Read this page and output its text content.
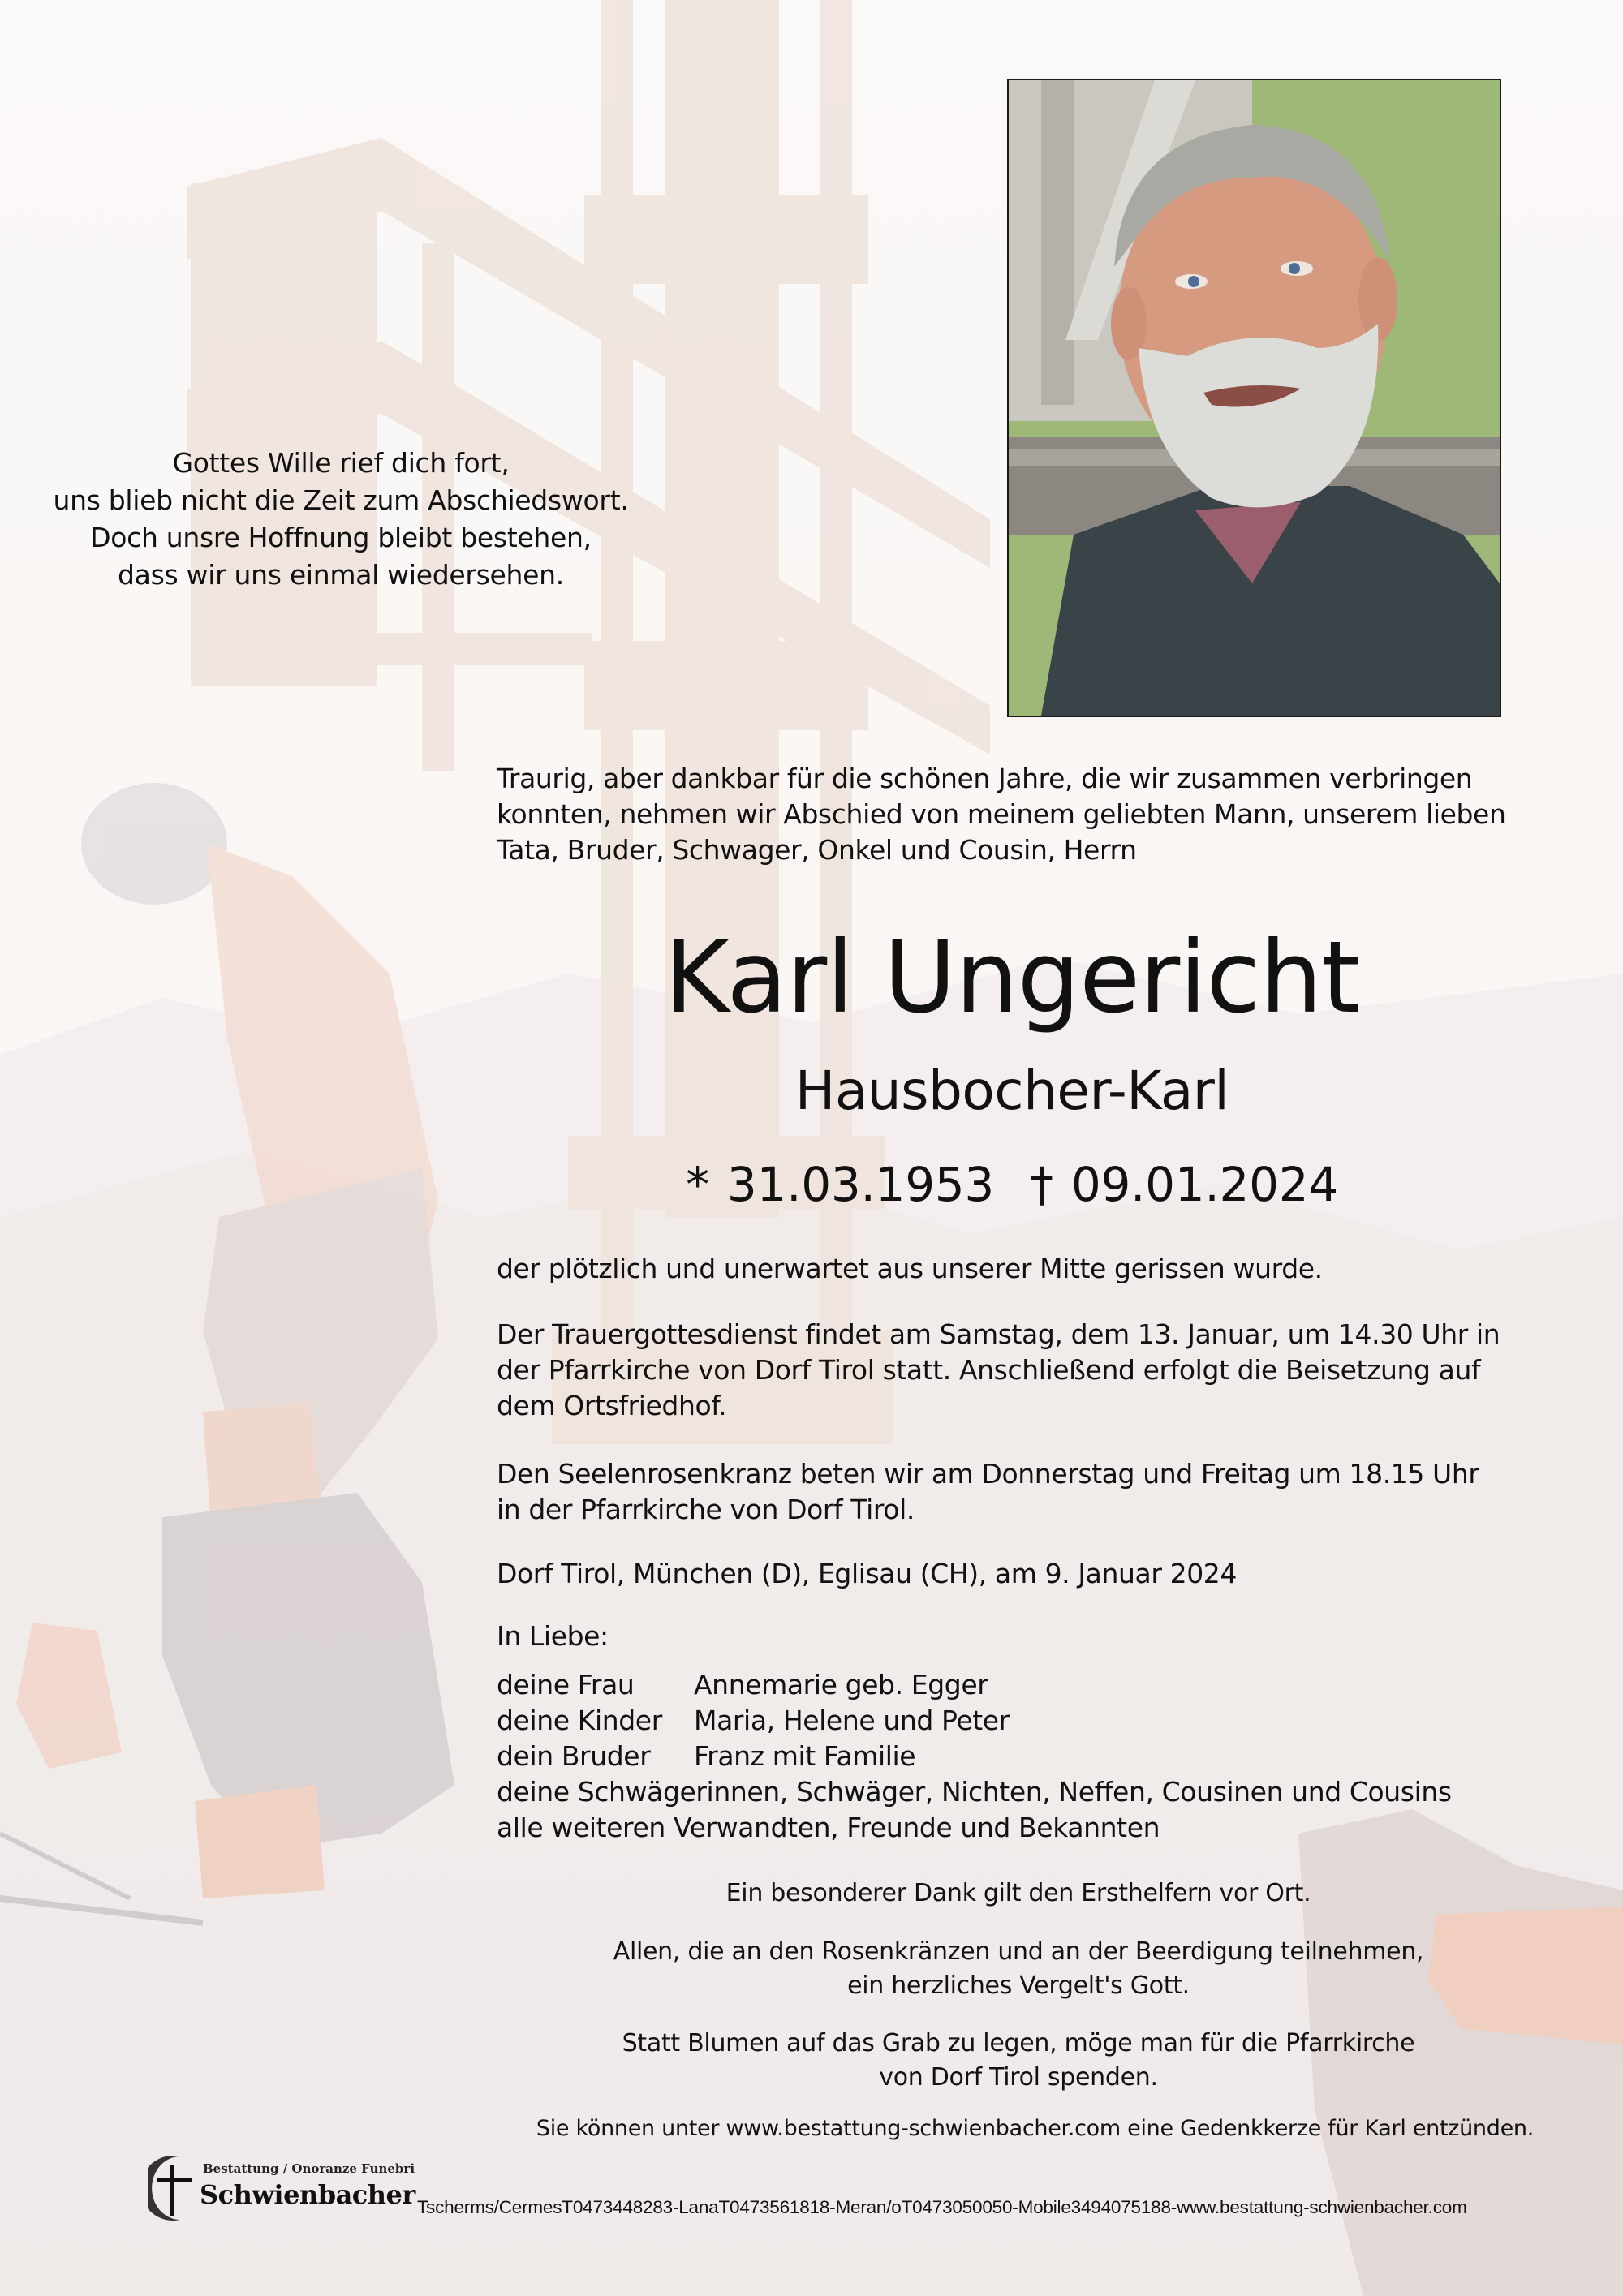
Gottes Wille rief dich fort,
uns blieb nicht die Zeit zum Abschiedswort.
Doch unsre Hoffnung bleibt bestehen,
dass wir uns einmal wiedersehen.
Traurig, aber dankbar für die schönen Jahre, die wir zusammen verbringen
konnten, nehmen wir Abschied von meinem geliebten Mann, unserem lieben
Tata, Bruder, Schwager, Onkel und Cousin, Herrn
Karl Ungericht
Hausbocher-Karl
* 31.03.1953 † 09.01.2024
der plötzlich und unerwartet aus unserer Mitte gerissen wurde.
Der Trauergottesdienst findet am Samstag, dem 13. Januar, um 14.30 Uhr in
der Pfarrkirche von Dorf Tirol statt. Anschließend erfolgt die Beisetzung auf
dem Ortsfriedhof.
Den Seelenrosenkranz beten wir am Donnerstag und Freitag um 18.15 Uhr
in der Pfarrkirche von Dorf Tirol.
Dorf Tirol, München (D), Eglisau (CH), am 9. Januar 2024
In Liebe:
deine Frau	Annemarie geb. Egger
deine Kinder	Maria, Helene und Peter
dein Bruder	Franz mit Familie
deine Schwägerinnen, Schwäger, Nichten, Neffen, Cousinen und Cousins
alle weiteren Verwandten, Freunde und Bekannten
Ein besonderer Dank gilt den Ersthelfern vor Ort.
Allen, die an den Rosenkränzen und an der Beerdigung teilnehmen,
ein herzliches Vergelt's Gott.
Statt Blumen auf das Grab zu legen, möge man für die Pfarrkirche
von Dorf Tirol spenden.
Sie können unter www.bestattung-schwienbacher.com eine Gedenkkerze für Karl entzünden.
Bestattung / Onoranze Funebri
Schwienbacher Tscherms/CermesT0473448283-LanaT0473561818-Meran/oT0473050050-Mobile3494075188-www.bestattung-schwienbacher.com
